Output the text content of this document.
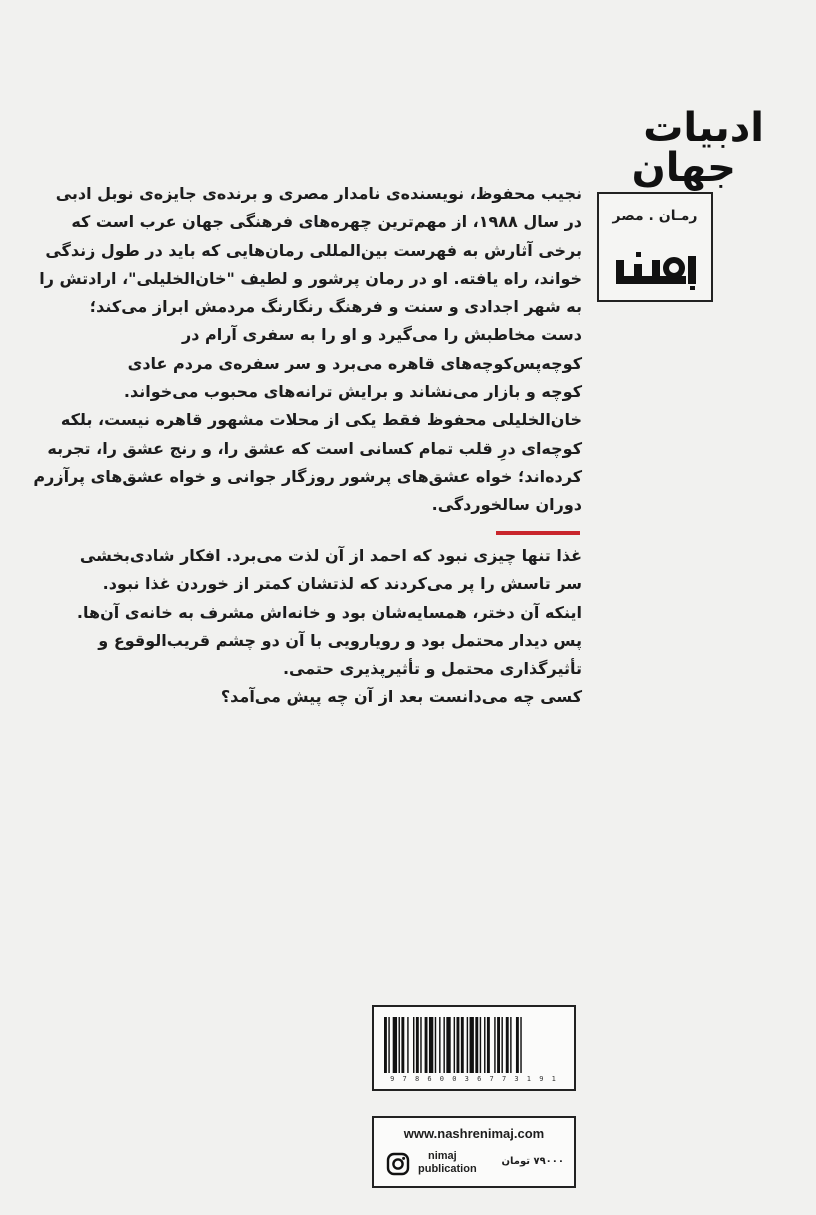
ادبیات
جهان
رمـان . مصر

نجیب محفوظ، نویسنده‌ی نامدار مصری و برنده‌ی جایزه‌ی نوبل ادبی

در سال ۱۹۸۸، از مهم‌ترین چهره‌های فرهنگی جهان عرب است که

برخی آثارش به فهرست بین‌المللی رمان‌هایی که باید در طول زندگی

خواند، راه یافته. او در رمان پرشور و لطیف "خان‌الخلیلی"، ارادتش را

به شهر اجدادی و سنت و فرهنگ رنگارنگ مردمش ابراز می‌کند؛

دست مخاطبش را می‌گیرد و او را به سفری آرام در

کوچه‌پس‌کوچه‌های قاهره می‌برد و سر سفره‌ی مردم عادی

کوچه و بازار می‌نشاند و برایش ترانه‌های محبوب می‌خواند.

خان‌الخلیلی محفوظ فقط یکی از محلات مشهور قاهره نیست، بلکه

کوچه‌ای درِ قلب تمام کسانی است که عشق را، و رنج عشق را، تجربه

کرده‌اند؛ خواه عشق‌های پرشور روزگار جوانی و خواه عشق‌های پرآزرم

دوران سالخوردگی.

غذا تنها چیزی نبود که احمد از آن لذت می‌برد. افکار شادی‌بخشی

سر تاسش را پر می‌کردند که لذتشان کمتر از خوردن غذا نبود.

اینکه آن دختر، همسایه‌شان بود و خانه‌اش مشرف به خانه‌ی آن‌ها.

پس دیدار محتمل بود و رویارویی با آن دو چشم قریب‌الوقوع و

تأثیرگذاری محتمل و تأثیرپذیری حتمی.

کسی چه می‌دانست بعد از آن چه پیش می‌آمد؟

9 7 8 6 0 0 3 6 7 7 3 1 9 1
www.nashrenimaj.com
nimaj
publication
۷۹۰۰۰ تومان
